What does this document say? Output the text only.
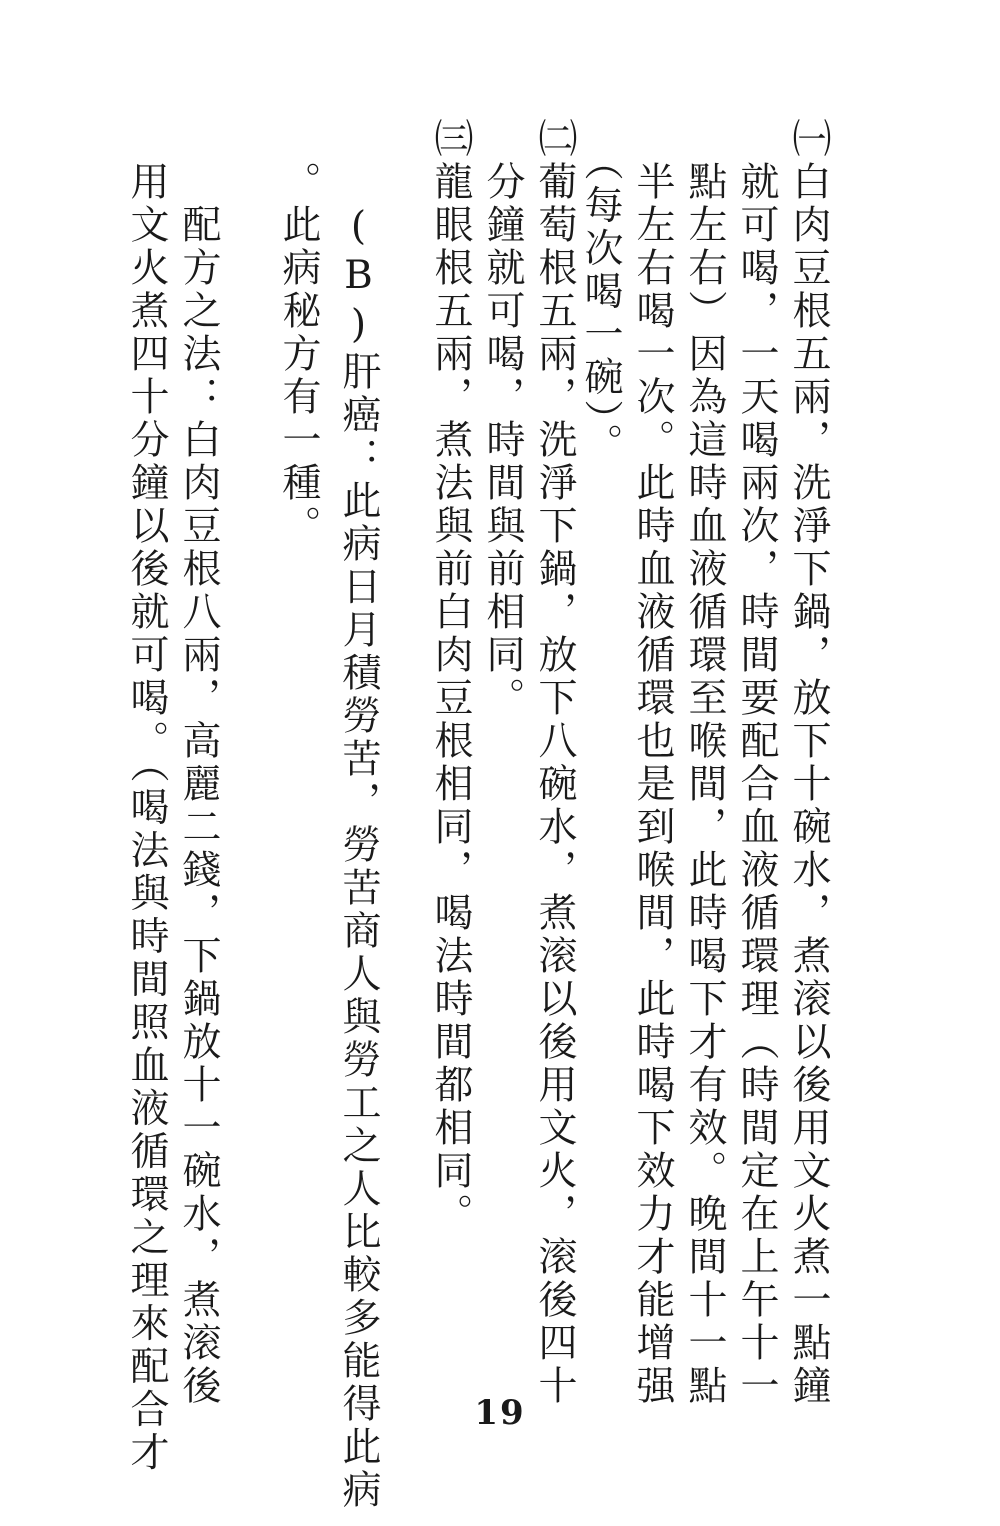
㈠白肉豆根五兩，洗淨下鍋，放下十碗水，煮滚以後用文火煮一點鐘
　就可喝，一天喝兩次，時間要配合血液循環理（時間定在上午十一
　點左右）因為這時血液循環至喉間，此時喝下才有效。晚間十一點
　半左右喝一次。此時血液循環也是到喉間，此時喝下效力才能增强
　（每次喝一碗）。
㈡葡萄根五兩，洗淨下鍋，放下八碗水，煮滚以後用文火，滚後四十
　分鐘就可喝，時間與前相同。
㈢龍眼根五兩，煮法與前白肉豆根相同，喝法時間都相同。
　　(B)肝癌：此病日月積勞苦，勞苦商人與勞工之人比較多能得此病
　。此病秘方有一種。
　　配方之法：白肉豆根八兩，高麗二錢，下鍋放十一碗水，煮滚後
　用文火煮四十分鐘以後就可喝。（喝法與時間照血液循環之理來配合才	19
